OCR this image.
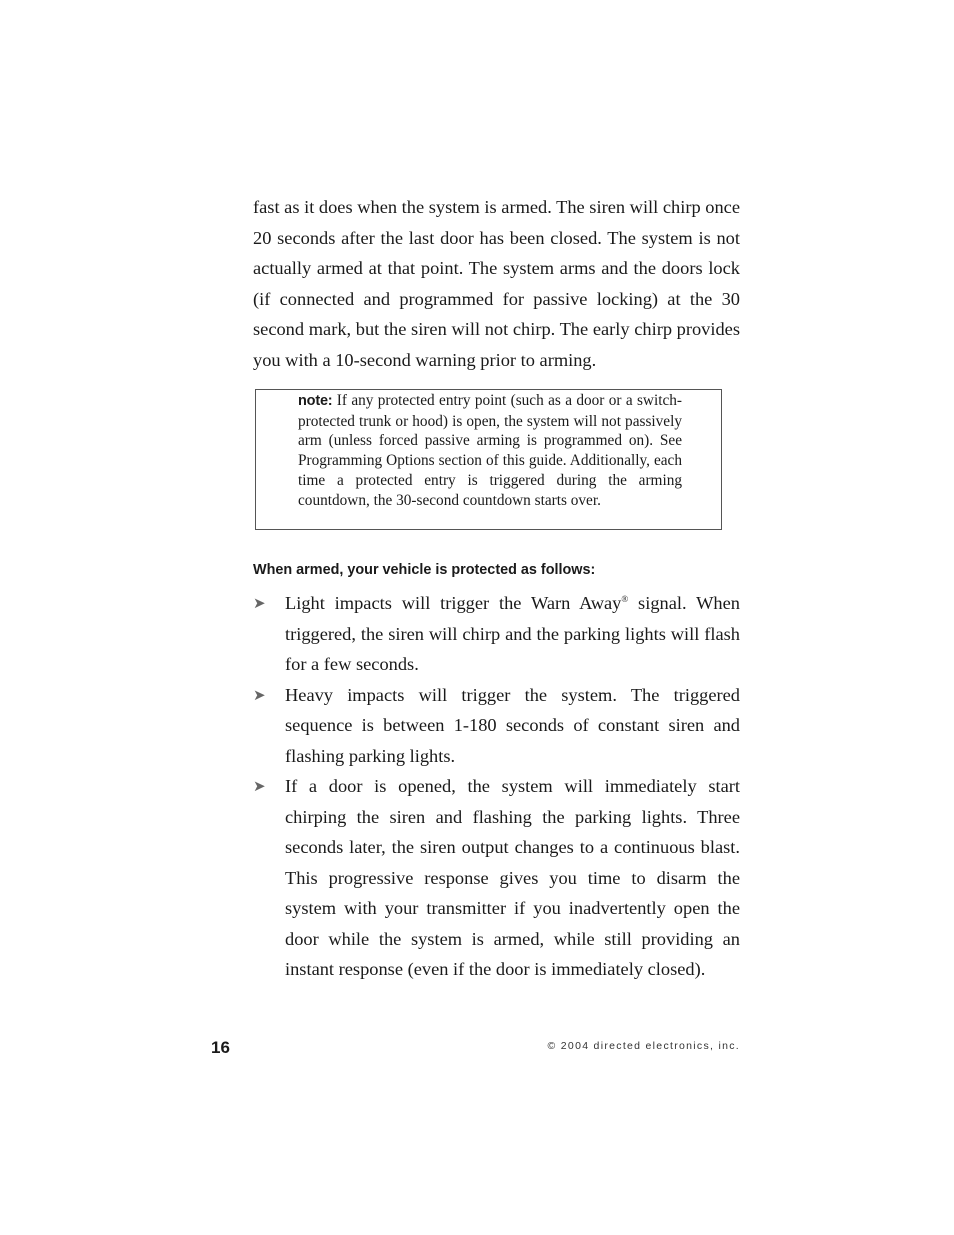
fast as it does when the system is armed. The siren will chirp once 20 seconds after the last door has been closed. The system is not actually armed at that point. The system arms and the doors lock (if connected and programmed for passive locking) at the 30 second mark, but the siren will not chirp. The early chirp provides you with a 10-second warning prior to arming.

note: If any protected entry point (such as a door or a switch-protected trunk or hood) is open, the system will not passively arm (unless forced passive arming is programmed on). See Programming Options section of this guide. Additionally, each time a protected entry is triggered during the arming countdown, the 30-second countdown starts over.

When armed, your vehicle is protected as follows:
➤ Light impacts will trigger the Warn Away® signal. When triggered, the siren will chirp and the parking lights will flash for a few seconds.
➤ Heavy impacts will trigger the system. The triggered sequence is between 1-180 seconds of constant siren and flashing parking lights.
➤ If a door is opened, the system will immediately start chirping the siren and flashing the parking lights. Three seconds later, the siren output changes to a continuous blast. This progressive response gives you time to disarm the system with your transmitter if you inadvertently open the door while the system is armed, while still providing an instant response (even if the door is immediately closed).
16	© 2004 directed electronics, inc.
